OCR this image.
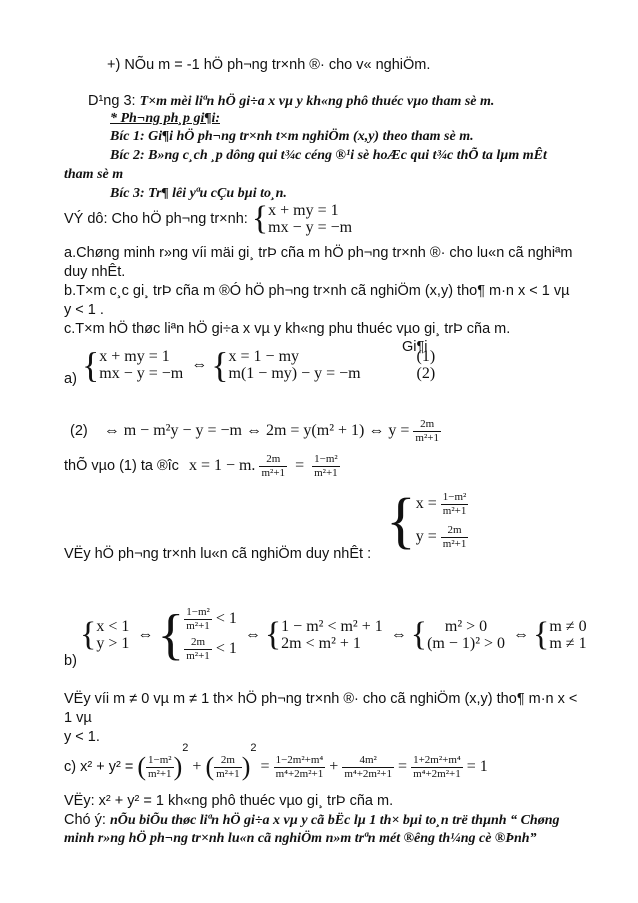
+) NÕu m = -1 hÖ ph¬ng tr×nh ®· cho v« nghiÖm.
D¹ng 3: T×m mèi liªn hÖ gi÷a x vµ y kh«ng phô thuéc vµo tham sè m.
* Ph¬ng ph¸p gi¶i:
Bíc 1: Gi¶i hÖ ph¬ng tr×nh t×m nghiÖm (x,y) theo tham sè m.
Bíc 2: B»ng c¸ch ¸p dông qui t¾c céng ®¹i sè hoÆc qui t¾c thÕ ta lµm mÊt
tham sè m
Bíc 3: Tr¶ lêi yªu cÇu bµi to¸n.
VÝ dô: Cho hÖ ph¬ng tr×nh: { x + my = 1
mx − y = −m
a.Chøng minh r»ng víi mäi gi¸ trÞ cña m hÖ ph¬ng tr×nh ®· cho lu«n cã nghiªm
duy nhÊt.
b.T×m c¸c gi¸ trÞ cña m ®Ó hÖ ph¬ng tr×nh cã nghiÖm (x,y) tho¶ m·n x < 1 vµ
y < 1 .
c.T×m hÖ thøc liªn hÖ gi÷a x vµ y kh«ng phu thuéc vµo gi¸ trÞ cña m.
Gi¶i
a) { x + my = 1
mx − y = −m
⇔ { x = 1 − my
m(1 − my) − y = −m

(1)
(2)
(2) ⇔ m − m²y − y = −m ⇔ 2m = y(m² + 1) ⇔ $y = \frac{2m}{\text{m²+1}}$
thÕ vµo (1) ta ®îc x = 1 − m. $\frac{2m}{\text{m²+1}} = \frac{\text{1−m²}}{\text{m²+1}}$
VËy hÖ ph¬ng tr×nh lu«n cã nghiÖm duy nhÊt : { $x = \frac{\text{1−m²}}{\text{m²+1}}$
$y = \frac{2m}{\text{m²+1}}$
b)
{ x < 1
y > 1 ⇔{ $\frac{\text{1−m²}}{\text{m²+1}} < 1$
$\frac{2m}{\text{m²+1}} < 1$
⇔ { 1 − m² < m² + 1
2m < m² + 1	⇔ {	m² > 0
(m − 1)² > 0 ⇔ { m ≠ 0
m ≠ 1
VËy víi m ≠ 0 vµ m ≠ 1 th× hÖ ph¬ng tr×nh ®· cho cã nghiÖm (x,y) tho¶ m·n x <
1 vµ
y < 1.
c) x² + y² = ( $\frac{\text{1−m²}}{\text{m²+1}} )^2$ + ( $\frac{2m}{\text{m²+1}} )^2 = \frac{\text{1−2m²+m⁴}}{\text{m⁴+2m²+1}} + \frac{\text{4m²}}{\text{m⁴+2m²+1}} = \frac{\text{1+2m²+m⁴}}{\text{m⁴+2m²+1}} = 1$
VËy: x² + y² = 1 kh«ng phô thuéc vµo gi¸ trÞ cña m.
Chó ý: nÕu biÕu thøc liªn hÖ gi÷a x vµ y cã bËc lµ 1 th× bµi to¸n trë thµnh “ Chøng
minh r»ng hÖ ph¬ng tr×nh lu«n cã nghiÖm n»m trªn mét ®êng th¼ng cè ®Þnh”
